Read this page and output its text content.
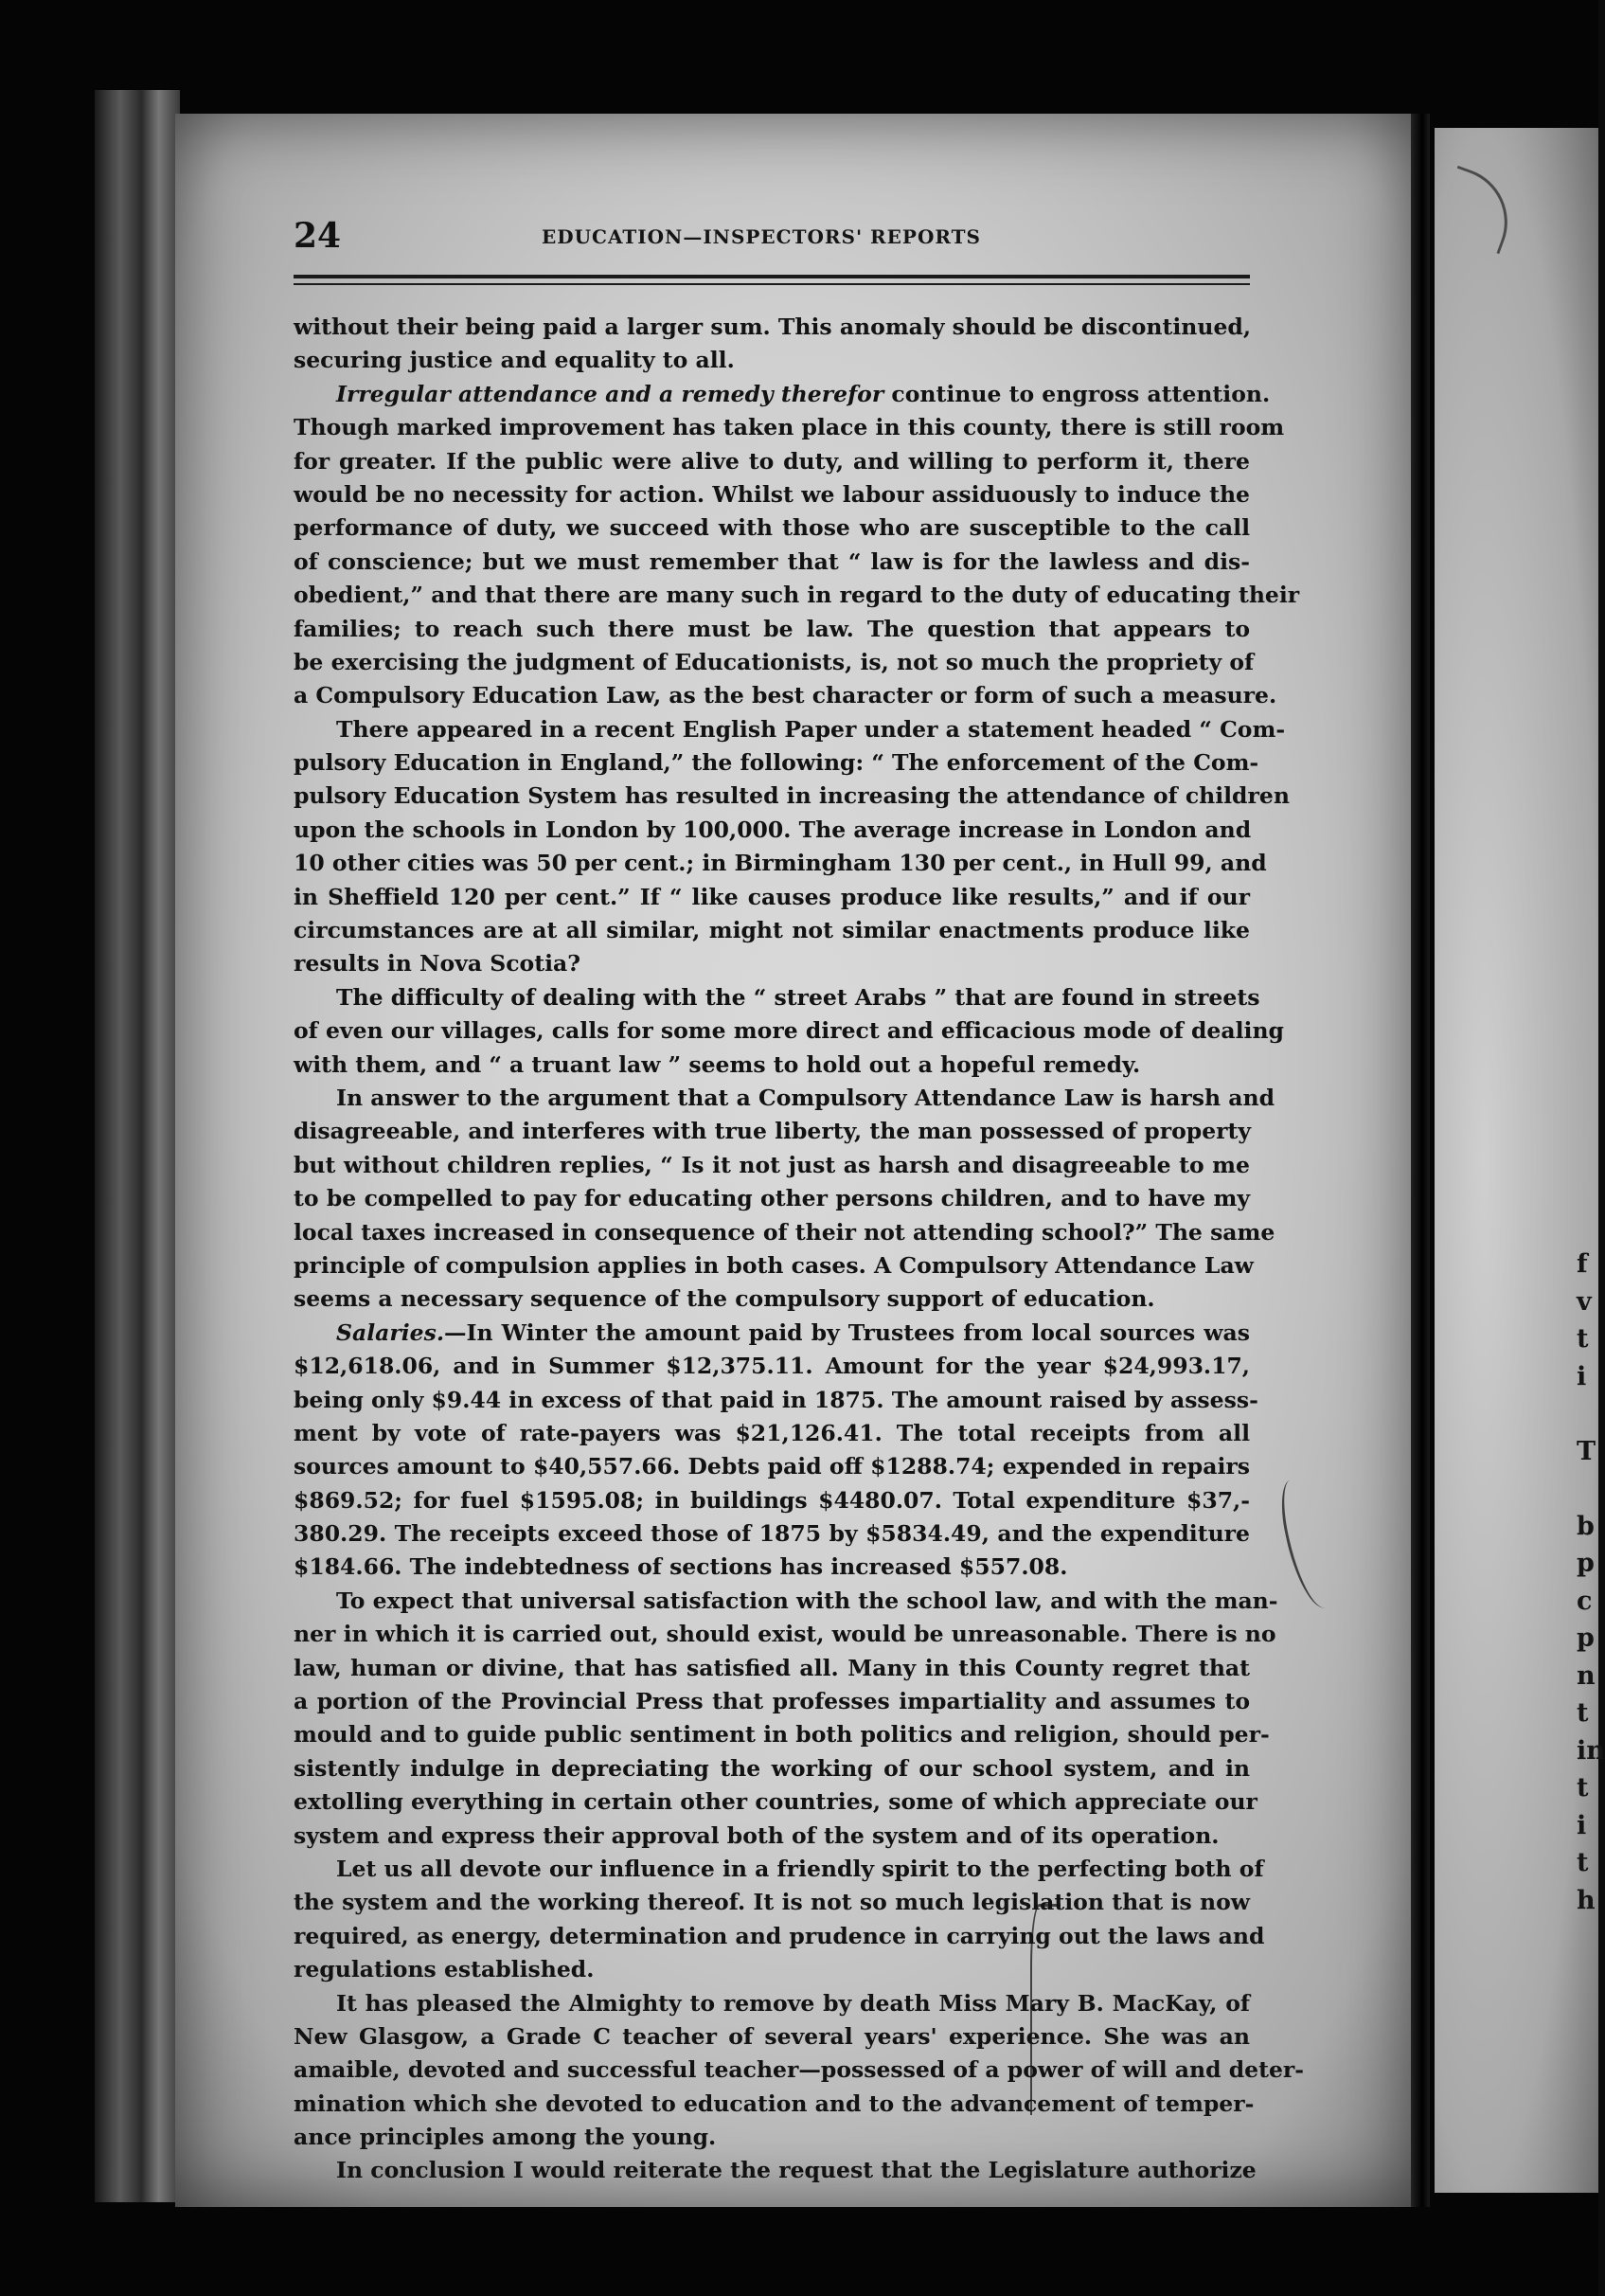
f
v
t
i
T
b
p
c
p
n
t
in
t
i
t
h
24	EDUCATION—INSPECTORS' REPORTS
without their being paid a larger sum. This anomaly should be discontinued,
securing justice and equality to all.
Irregular attendance and a remedy therefor continue to engross attention.
Though marked improvement has taken place in this county, there is still room
for greater. If the public were alive to duty, and willing to perform it, there
would be no necessity for action. Whilst we labour assiduously to induce the
performance of duty, we succeed with those who are susceptible to the call
of conscience; but we must remember that “ law is for the lawless and dis-
obedient,” and that there are many such in regard to the duty of educating their
families; to reach such there must be law. The question that appears to
be exercising the judgment of Educationists, is, not so much the propriety of
a Compulsory Education Law, as the best character or form of such a measure.
There appeared in a recent English Paper under a statement headed “ Com-
pulsory Education in England,” the following: “ The enforcement of the Com-
pulsory Education System has resulted in increasing the attendance of children
upon the schools in London by 100,000. The average increase in London and
10 other cities was 50 per cent.; in Birmingham 130 per cent., in Hull 99, and
in Sheffield 120 per cent.” If “ like causes produce like results,” and if our
circumstances are at all similar, might not similar enactments produce like
results in Nova Scotia?
The difficulty of dealing with the “ street Arabs ” that are found in streets
of even our villages, calls for some more direct and efficacious mode of dealing
with them, and “ a truant law ” seems to hold out a hopeful remedy.
In answer to the argument that a Compulsory Attendance Law is harsh and
disagreeable, and interferes with true liberty, the man possessed of property
but without children replies, “ Is it not just as harsh and disagreeable to me
to be compelled to pay for educating other persons children, and to have my
local taxes increased in consequence of their not attending school?” The same
principle of compulsion applies in both cases. A Compulsory Attendance Law
seems a necessary sequence of the compulsory support of education.
Salaries.—In Winter the amount paid by Trustees from local sources was
$12,618.06, and in Summer $12,375.11. Amount for the year $24,993.17,
being only $9.44 in excess of that paid in 1875. The amount raised by assess-
ment by vote of rate-payers was $21,126.41. The total receipts from all
sources amount to $40,557.66. Debts paid off $1288.74; expended in repairs
$869.52; for fuel $1595.08; in buildings $4480.07. Total expenditure $37,-
380.29. The receipts exceed those of 1875 by $5834.49, and the expenditure
$184.66. The indebtedness of sections has increased $557.08.
To expect that universal satisfaction with the school law, and with the man-
ner in which it is carried out, should exist, would be unreasonable. There is no
law, human or divine, that has satisfied all. Many in this County regret that
a portion of the Provincial Press that professes impartiality and assumes to
mould and to guide public sentiment in both politics and religion, should per-
sistently indulge in depreciating the working of our school system, and in
extolling everything in certain other countries, some of which appreciate our
system and express their approval both of the system and of its operation.
Let us all devote our influence in a friendly spirit to the perfecting both of
the system and the working thereof. It is not so much legislation that is now
required, as energy, determination and prudence in carrying out the laws and
regulations established.
It has pleased the Almighty to remove by death Miss Mary B. MacKay, of
New Glasgow, a Grade C teacher of several years' experience. She was an
amaible, devoted and successful teacher—possessed of a power of will and deter-
mination which she devoted to education and to the advancement of temper-
ance principles among the young.
In conclusion I would reiterate the request that the Legislature authorize
